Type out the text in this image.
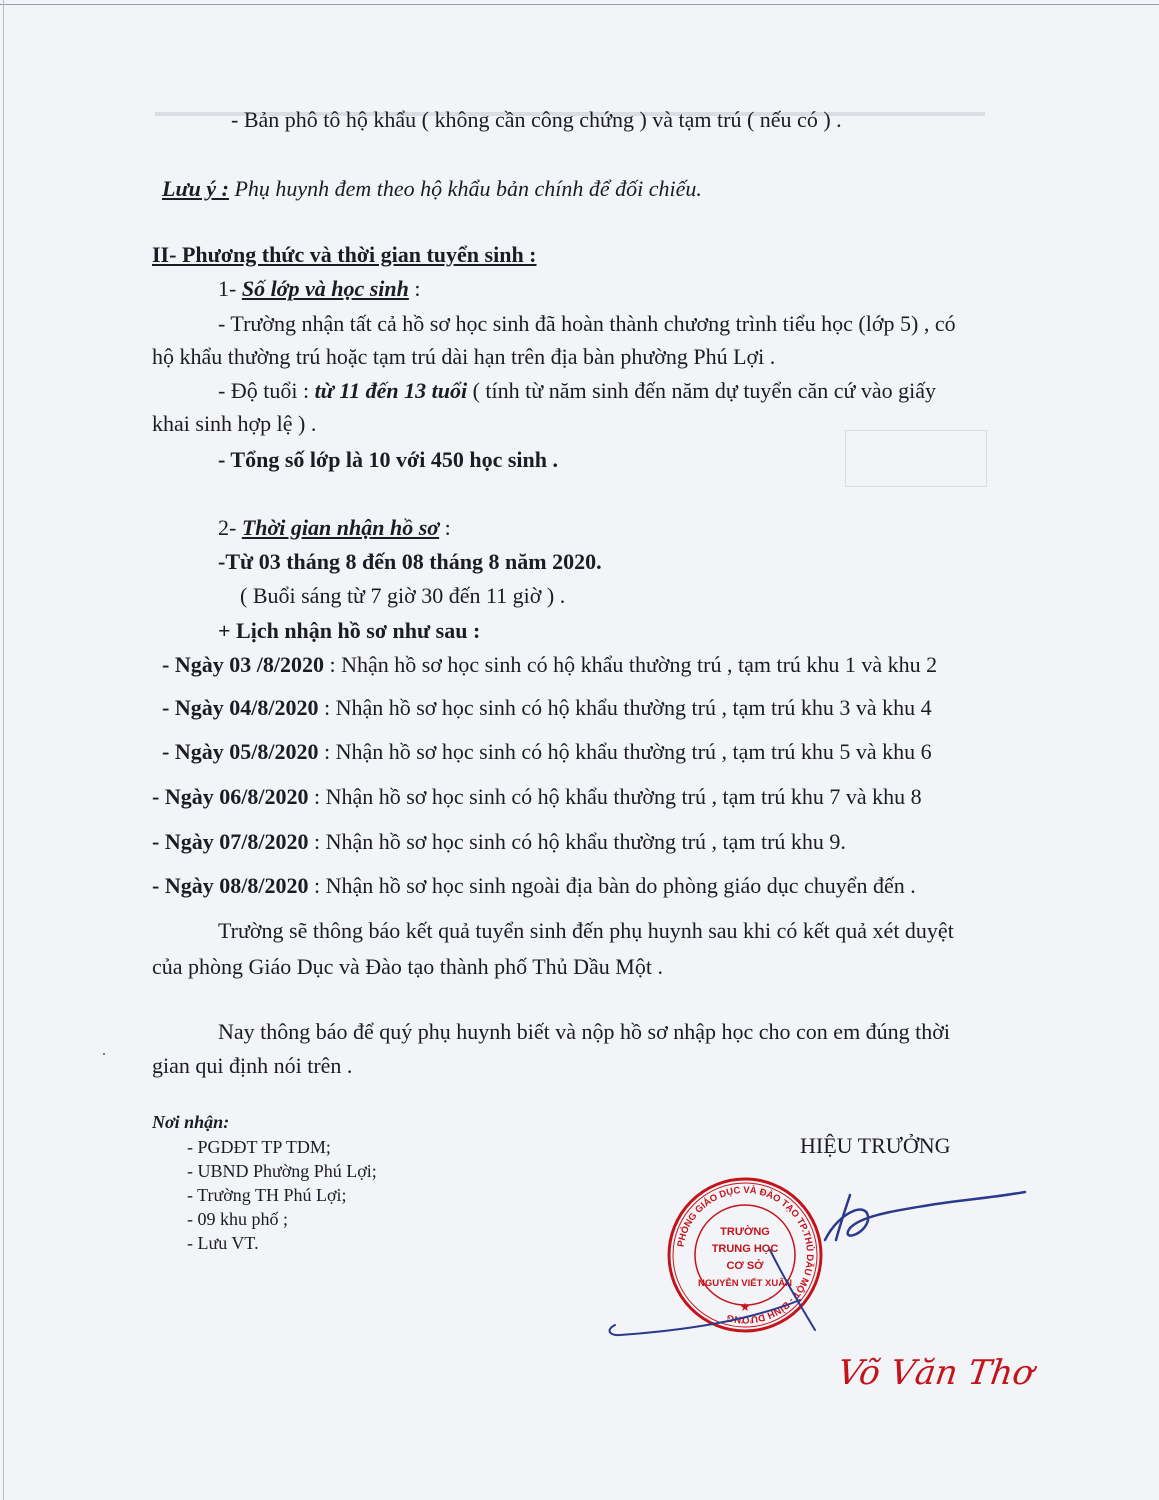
- Bản phô tô hộ khẩu ( không cần công chứng ) và tạm trú ( nếu có ) .
Lưu ý : Phụ huynh đem theo hộ khẩu bản chính để đối chiếu.
II- Phương thức và thời gian tuyển sinh :
1- Số lớp và học sinh :
- Trường nhận tất cả hồ sơ học sinh đã hoàn thành chương trình tiểu học (lớp 5) , có
hộ khẩu thường trú hoặc tạm trú dài hạn trên địa bàn phường Phú Lợi .
- Độ tuổi : từ 11 đến 13 tuổi ( tính từ năm sinh đến năm dự tuyển căn cứ vào giấy
khai sinh hợp lệ ) .
- Tổng số lớp là 10 với 450 học sinh .
2- Thời gian nhận hồ sơ :
-Từ 03 tháng 8 đến 08 tháng 8 năm 2020.
( Buổi sáng từ 7 giờ 30 đến 11 giờ ) .
+ Lịch nhận hồ sơ như sau :
- Ngày 03 /8/2020 : Nhận hồ sơ học sinh có hộ khẩu thường trú , tạm trú khu 1 và khu 2
- Ngày 04/8/2020 : Nhận hồ sơ học sinh có hộ khẩu thường trú , tạm trú khu 3 và khu 4
- Ngày 05/8/2020 : Nhận hồ sơ học sinh có hộ khẩu thường trú , tạm trú khu 5 và khu 6
- Ngày 06/8/2020 : Nhận hồ sơ học sinh có hộ khẩu thường trú , tạm trú khu 7 và khu 8
- Ngày 07/8/2020 : Nhận hồ sơ học sinh có hộ khẩu thường trú , tạm trú khu 9.
- Ngày 08/8/2020 : Nhận hồ sơ học sinh ngoài địa bàn do phòng giáo dục chuyển đến .
Trường sẽ thông báo kết quả tuyển sinh đến phụ huynh sau khi có kết quả xét duyệt
của phòng Giáo Dục và Đào tạo thành phố Thủ Dầu Một .
Nay thông báo để quý phụ huynh biết và nộp hồ sơ nhập học cho con em đúng thời
gian qui định nói trên .
Nơi nhận:
- PGDĐT TP TDM;
- UBND Phường Phú Lợi;
- Trường TH Phú Lợi;
- 09 khu phố ;
- Lưu VT.
HIỆU TRƯỞNG
PHÒNG GIÁO DỤC VÀ ĐÀO TẠO TP.THỦ DẦU MỘT - BÌNH DƯƠNG
TRƯỜNG
TRUNG HỌC
CƠ SỞ
NGUYỄN VIẾT XUÂN
★
Võ Văn Thơ
